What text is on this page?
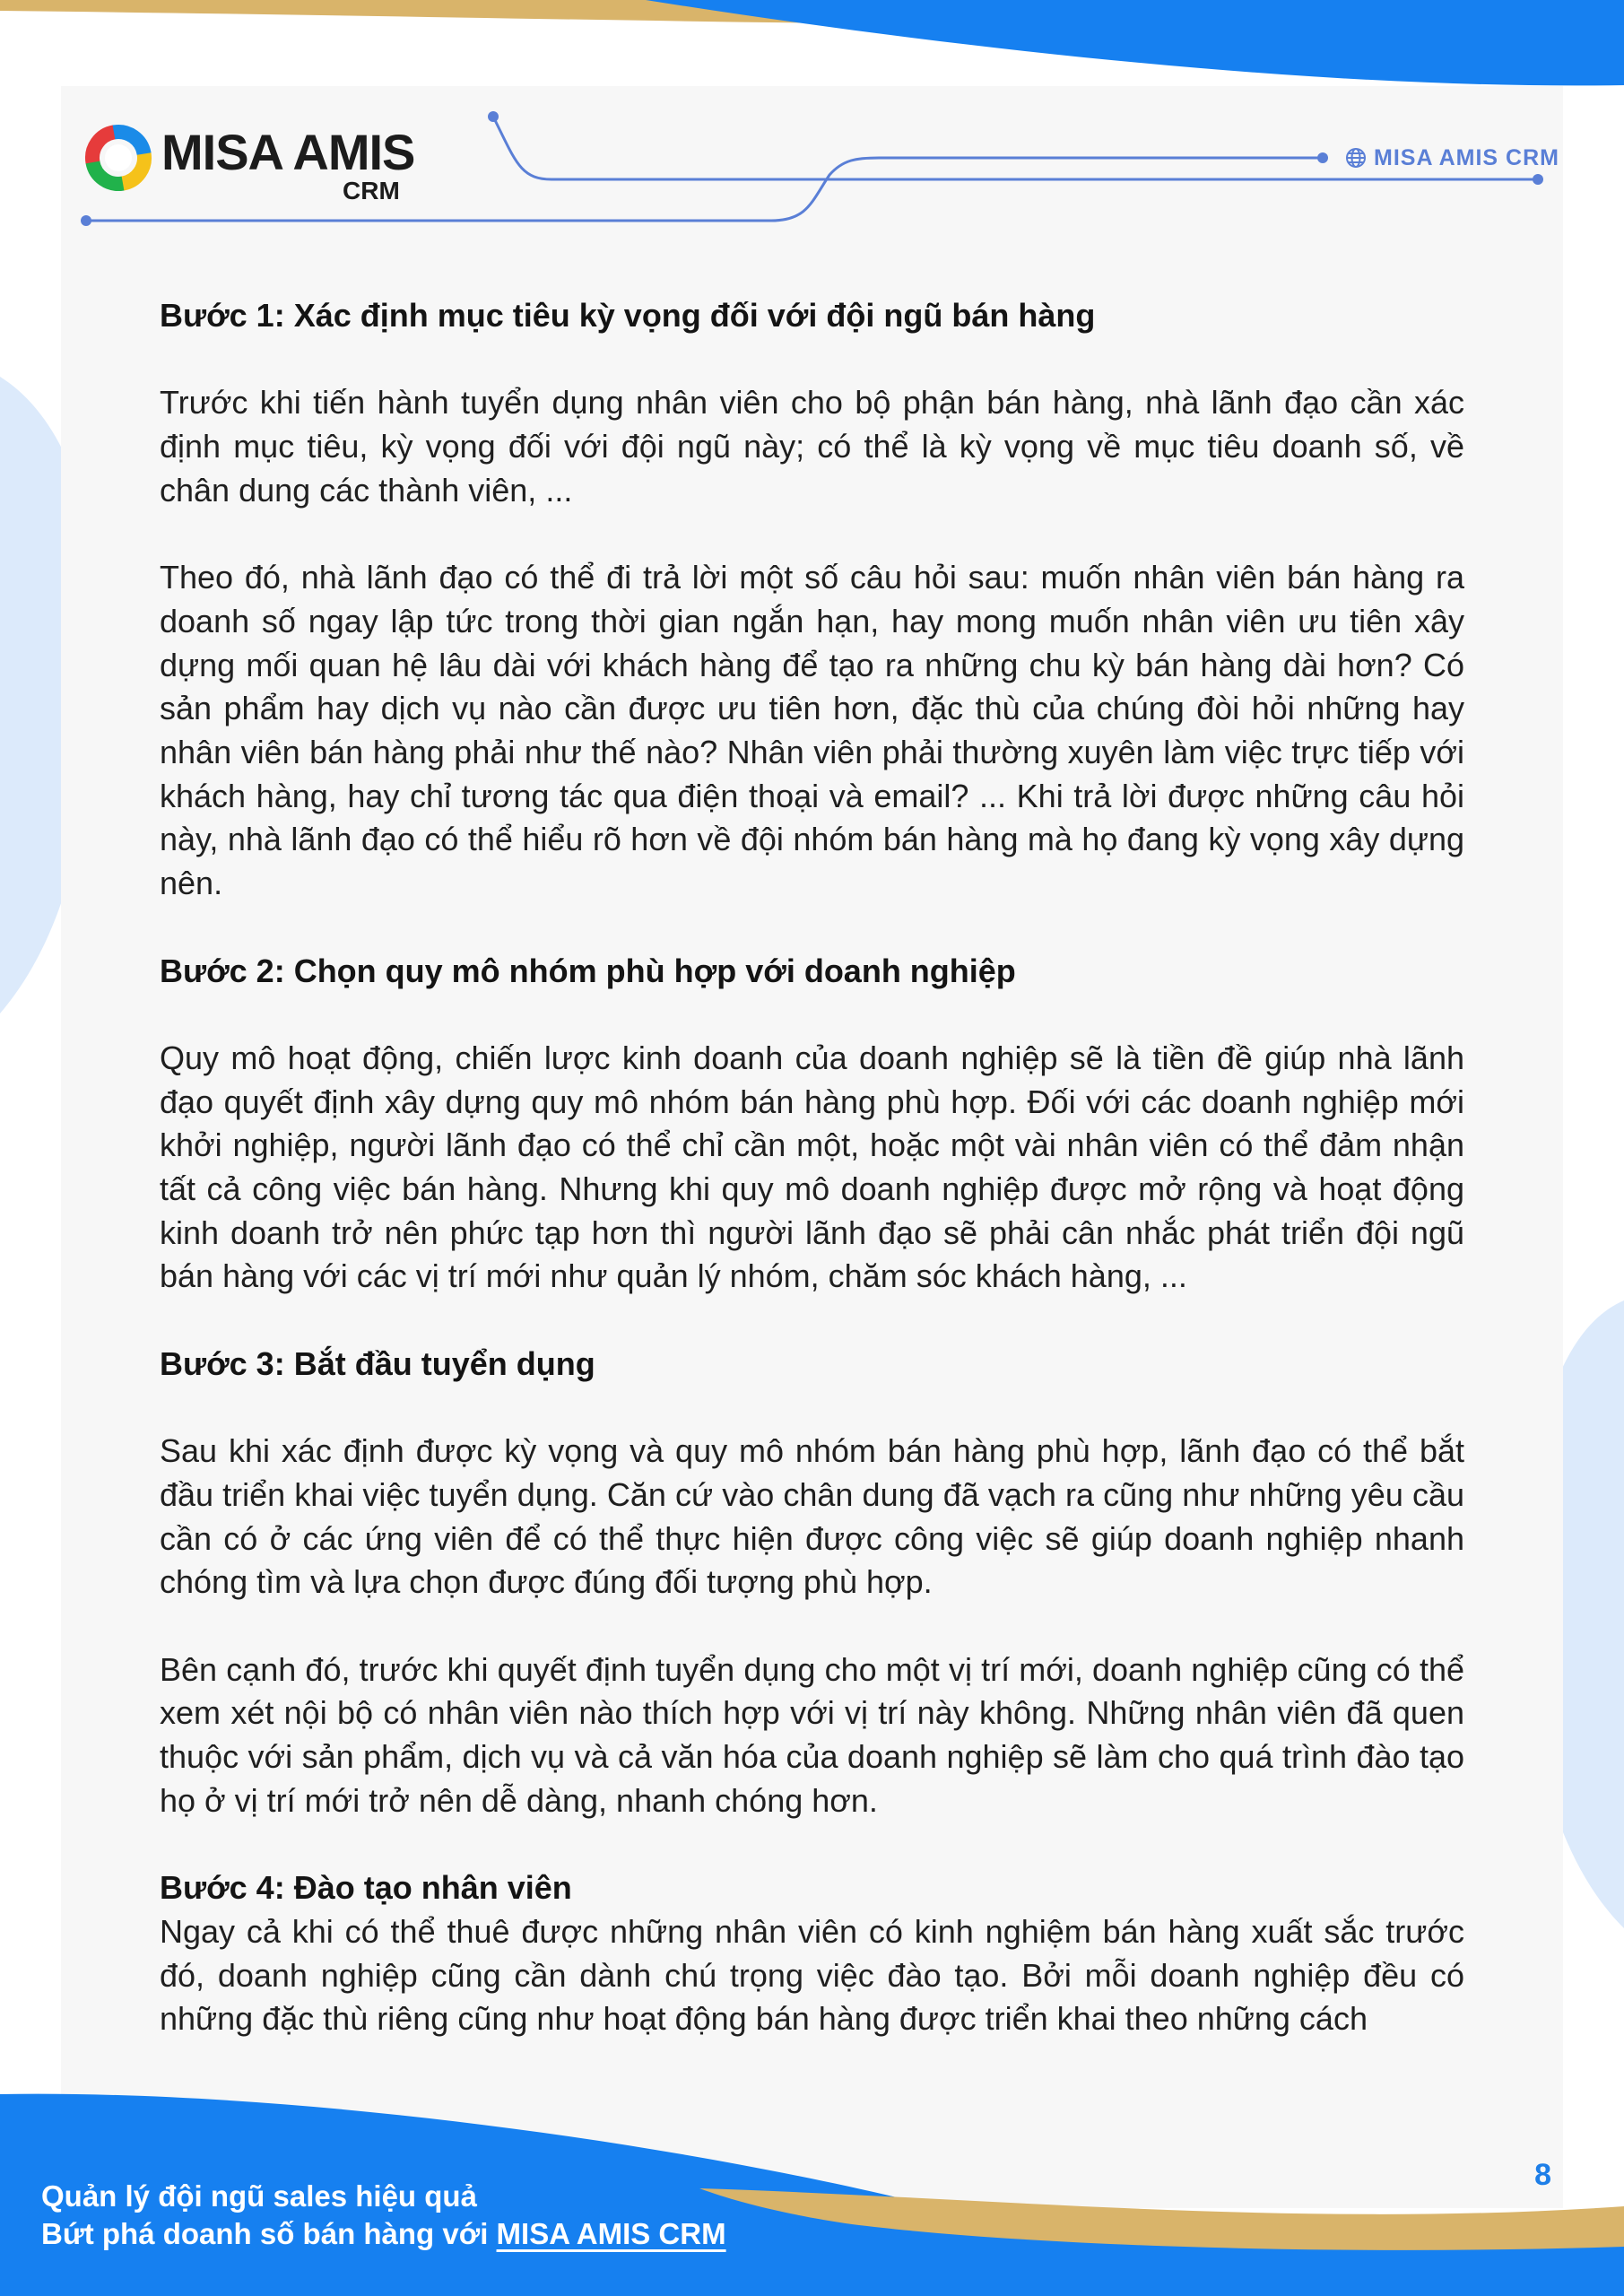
MISA AMIS
CRM
MISA AMIS CRM
Bước 1: Xác định mục tiêu kỳ vọng đối với đội ngũ bán hàng

Trước khi tiến hành tuyển dụng nhân viên cho bộ phận bán hàng, nhà lãnh đạo cần xác định mục tiêu, kỳ vọng đối với đội ngũ này; có thể là kỳ vọng về mục tiêu doanh số, về chân dung các thành viên, ...

Theo đó, nhà lãnh đạo có thể đi trả lời một số câu hỏi sau: muốn nhân viên bán hàng ra doanh số ngay lập tức trong thời gian ngắn hạn, hay mong muốn nhân viên ưu tiên xây dựng mối quan hệ lâu dài với khách hàng để tạo ra những chu kỳ bán hàng dài hơn? Có sản phẩm hay dịch vụ nào cần được ưu tiên hơn, đặc thù của chúng đòi hỏi những hay nhân viên bán hàng phải như thế nào? Nhân viên phải thường xuyên làm việc trực tiếp với khách hàng, hay chỉ tương tác qua điện thoại và email? ... Khi trả lời được những câu hỏi này, nhà lãnh đạo có thể hiểu rõ hơn về đội nhóm bán hàng mà họ đang kỳ vọng xây dựng nên.

Bước 2: Chọn quy mô nhóm phù hợp với doanh nghiệp

Quy mô hoạt động, chiến lược kinh doanh của doanh nghiệp sẽ là tiền đề giúp nhà lãnh đạo quyết định xây dựng quy mô nhóm bán hàng phù hợp. Đối với các doanh nghiệp mới khởi nghiệp, người lãnh đạo có thể chỉ cần một, hoặc một vài nhân viên có thể đảm nhận tất cả công việc bán hàng. Nhưng khi quy mô doanh nghiệp được mở rộng và hoạt động kinh doanh trở nên phức tạp hơn thì người lãnh đạo sẽ phải cân nhắc phát triển đội ngũ bán hàng với các vị trí mới như quản lý nhóm, chăm sóc khách hàng, ...

Bước 3: Bắt đầu tuyển dụng

Sau khi xác định được kỳ vọng và quy mô nhóm bán hàng phù hợp, lãnh đạo có thể bắt đầu triển khai việc tuyển dụng. Căn cứ vào chân dung đã vạch ra cũng như những yêu cầu cần có ở các ứng viên để có thể thực hiện được công việc sẽ giúp doanh nghiệp nhanh chóng tìm và lựa chọn được đúng đối tượng phù hợp.

Bên cạnh đó, trước khi quyết định tuyển dụng cho một vị trí mới, doanh nghiệp cũng có thể xem xét nội bộ có nhân viên nào thích hợp với vị trí này không. Những nhân viên đã quen thuộc với sản phẩm, dịch vụ và cả văn hóa của doanh nghiệp sẽ làm cho quá trình đào tạo họ ở vị trí mới trở nên dễ dàng, nhanh chóng hơn.

Bước 4: Đào tạo nhân viên

Ngay cả khi có thể thuê được những nhân viên có kinh nghiệm bán hàng xuất sắc trước đó, doanh nghiệp cũng cần dành chú trọng việc đào tạo. Bởi mỗi doanh nghiệp đều có những đặc thù riêng cũng như hoạt động bán hàng được triển khai theo những cách

Quản lý đội ngũ sales hiệu quả
Bứt phá doanh số bán hàng với MISA AMIS CRM
8
